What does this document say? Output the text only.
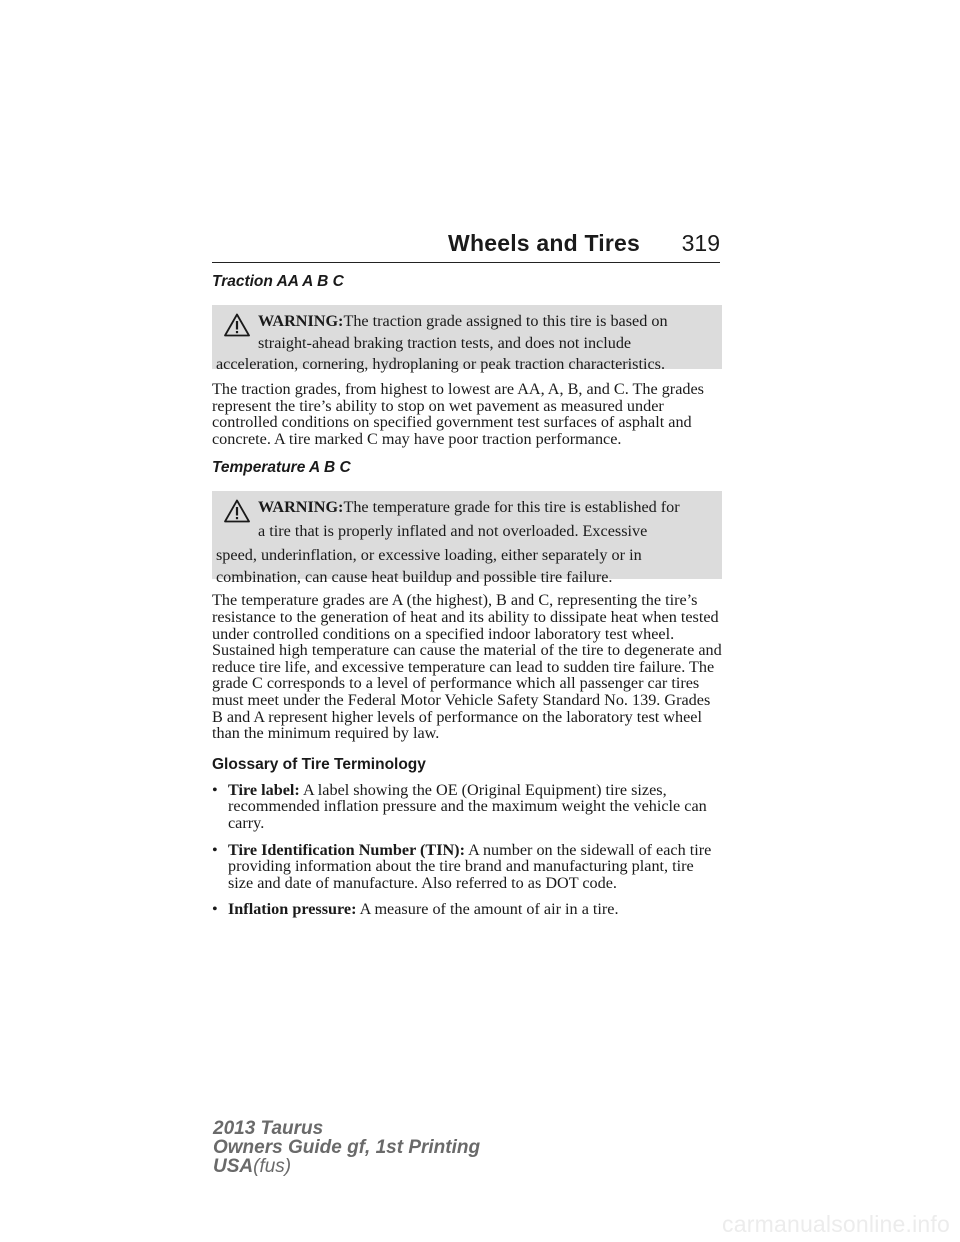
Wheels and Tires 319
Traction AA A B C
WARNING:The traction grade assigned to this tire is based on
straight-ahead braking traction tests, and does not include
acceleration, cornering, hydroplaning or peak traction characteristics.

The traction grades, from highest to lowest are AA, A, B, and C. The grades represent the tire’s ability to stop on wet pavement as measured under controlled conditions on specified government test surfaces of asphalt and concrete. A tire marked C may have poor traction performance.

Temperature A B C
WARNING:The temperature grade for this tire is established for
a tire that is properly inflated and not overloaded. Excessive
speed, underinflation, or excessive loading, either separately or in
combination, can cause heat buildup and possible tire failure.

The temperature grades are A (the highest), B and C, representing the tire’s resistance to the generation of heat and its ability to dissipate heat when tested under controlled conditions on a specified indoor laboratory test wheel. Sustained high temperature can cause the material of the tire to degenerate and reduce tire life, and excessive temperature can lead to sudden tire failure. The grade C corresponds to a level of performance which all passenger car tires must meet under the Federal Motor Vehicle Safety Standard No. 139. Grades B and A represent higher levels of performance on the laboratory test wheel than the minimum required by law.

Glossary of Tire Terminology
• Tire label: A label showing the OE (Original Equipment) tire sizes, recommended inflation pressure and the maximum weight the vehicle can carry.
• Tire Identification Number (TIN): A number on the sidewall of each tire providing information about the tire brand and manufacturing plant, tire size and date of manufacture. Also referred to as DOT code.
• Inflation pressure: A measure of the amount of air in a tire.
2013 Taurus
Owners Guide gf, 1st Printing
USA(fus)
carmanualsonline.info
